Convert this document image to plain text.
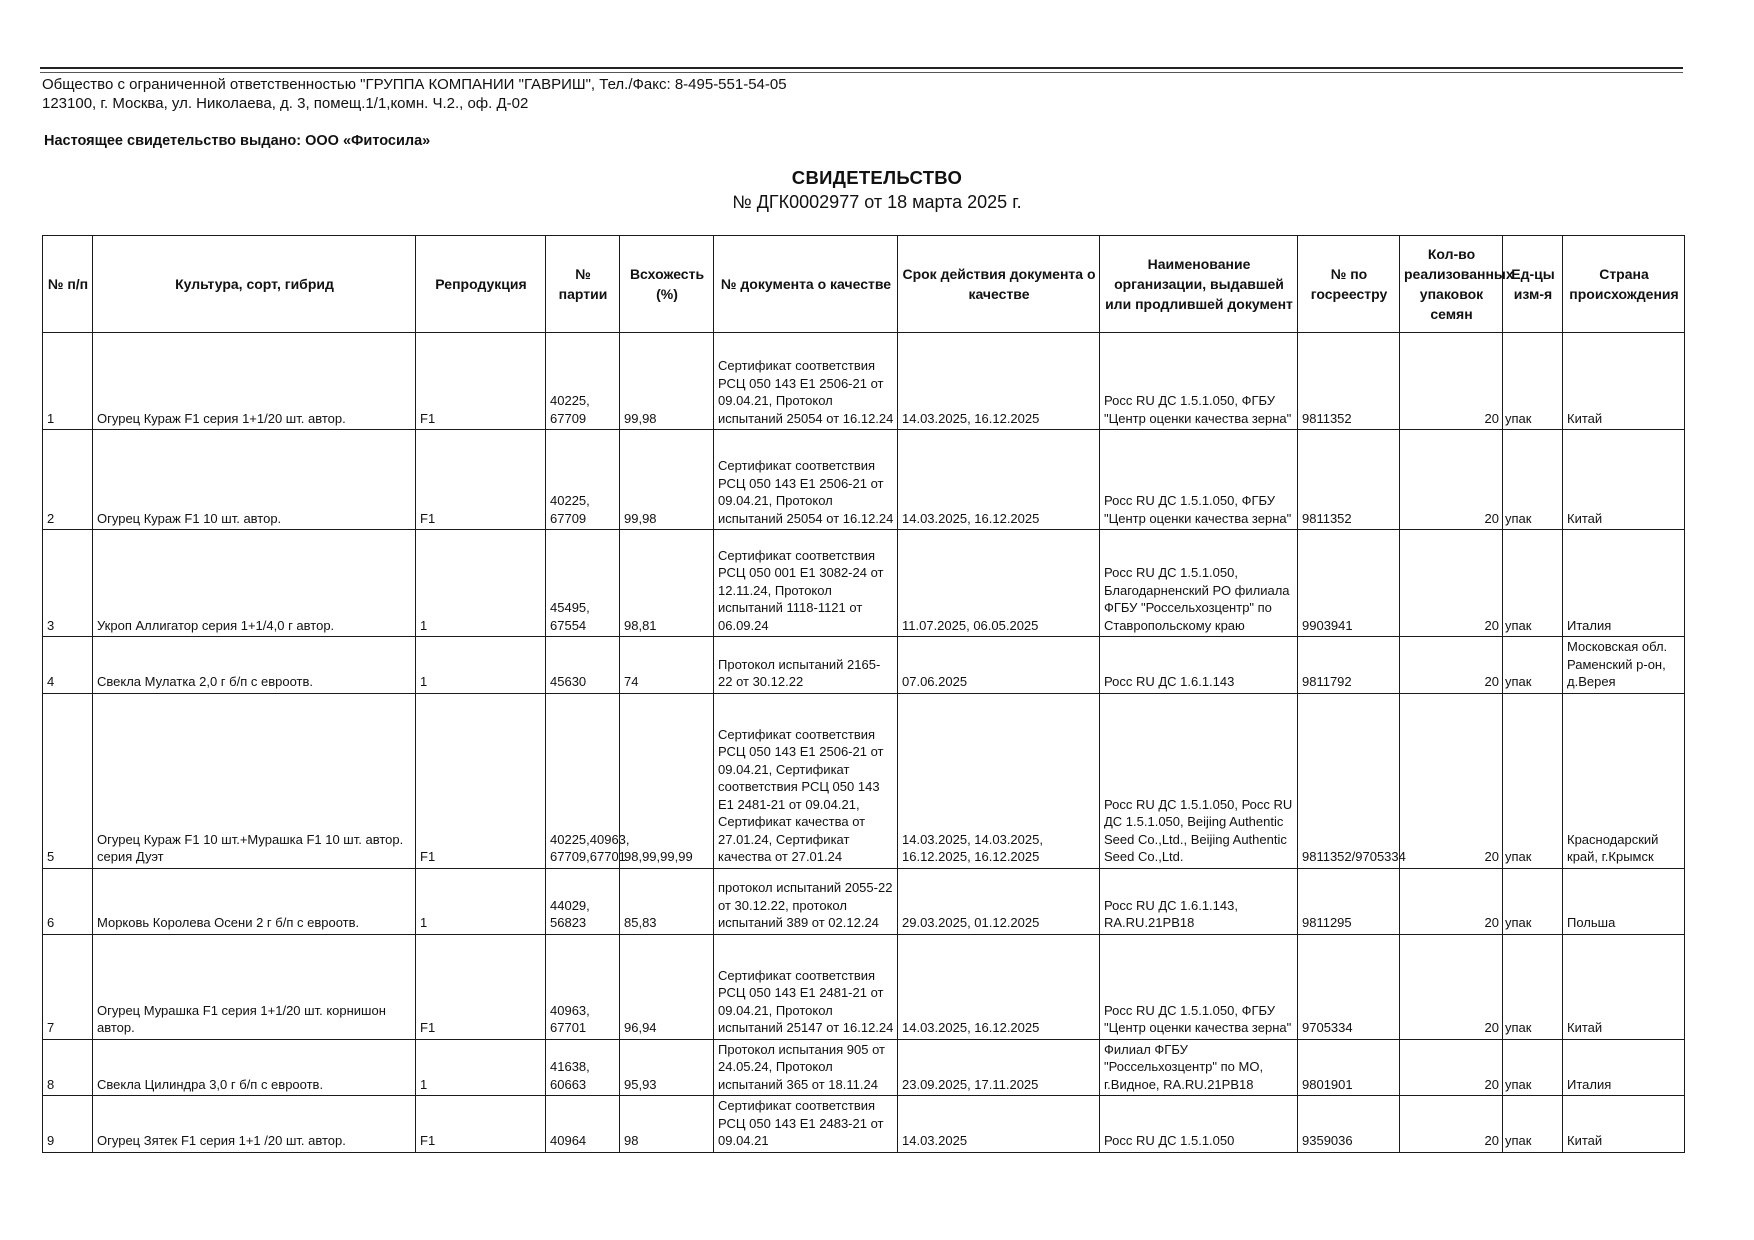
Общество с ограниченной ответственностью "ГРУППА КОМПАНИИ "ГАВРИШ", Тел./Факс: 8-495-551-54-05
123100, г. Москва, ул. Николаева, д. 3, помещ.1/1,комн. Ч.2., оф. Д-02
Настоящее свидетельство выдано: ООО «Фитосила»
СВИДЕТЕЛЬСТВО
№ ДГК0002977 от 18 марта 2025 г.
№ п/п	Культура, сорт, гибрид	Репродукция	№ партии	Всхожесть (%)	№ документа о качестве	Срок действия документа о качестве	Наименование организации, выдавшей или продлившей документ	№ по госреестру	Кол-во реализованных упаковок семян	Ед-цы изм-я	Страна происхождения
1	Огурец Кураж F1 серия 1+1/20 шт. автор.	F1	40225, 67709	99,98	Сертификат соответствия РСЦ 050 143 Е1 2506-21 от 09.04.21, Протокол испытаний 25054 от 16.12.24	14.03.2025, 16.12.2025	Росс RU ДС 1.5.1.050, ФГБУ "Центр оценки качества зерна"	9811352	20	упак	Китай
2	Огурец Кураж F1 10 шт. автор.	F1	40225, 67709	99,98	Сертификат соответствия РСЦ 050 143 Е1 2506-21 от 09.04.21, Протокол испытаний 25054 от 16.12.24	14.03.2025, 16.12.2025	Росс RU ДС 1.5.1.050, ФГБУ "Центр оценки качества зерна"	9811352	20	упак	Китай
3	Укроп Аллигатор серия 1+1/4,0 г автор.	1	45495, 67554	98,81	Сертификат соответствия РСЦ 050 001 Е1 3082-24 от 12.11.24, Протокол испытаний 1118-1121 от 06.09.24	11.07.2025, 06.05.2025	Росс RU ДС 1.5.1.050, Благодарненский РО филиала ФГБУ "Россельхозцентр" по Ставропольскому краю	9903941	20	упак	Италия
4	Свекла Мулатка 2,0 г б/п с евроотв.	1	45630	74	Протокол испытаний 2165-22 от 30.12.22	07.06.2025	Росс RU ДС 1.6.1.143	9811792	20	упак	Московская обл. Раменский р-он, д.Верея
5	Огурец Кураж F1 10 шт.+Мурашка F1 10 шт. автор. серия Дуэт	F1	40225,40963, 67709,67701	98,99,99,99	Сертификат соответствия РСЦ 050 143 Е1 2506-21 от 09.04.21, Сертификат соответствия РСЦ 050 143 Е1 2481-21 от 09.04.21, Сертификат качества от 27.01.24, Сертификат качества от 27.01.24	14.03.2025, 14.03.2025, 16.12.2025, 16.12.2025	Росс RU ДС 1.5.1.050, Росс RU ДС 1.5.1.050, Beijing Authentic Seed Co.,Ltd., Beijing Authentic Seed Co.,Ltd.	9811352/9705334	20	упак	Краснодарский край, г.Крымск
6	Морковь Королева Осени 2 г б/п с евроотв.	1	44029, 56823	85,83	протокол испытаний 2055-22 от 30.12.22, протокол испытаний 389 от 02.12.24	29.03.2025, 01.12.2025	Росс RU ДС 1.6.1.143, RA.RU.21PB18	9811295	20	упак	Польша
7	Огурец Мурашка F1 серия 1+1/20 шт. корнишон автор.	F1	40963, 67701	96,94	Сертификат соответствия РСЦ 050 143 Е1 2481-21 от 09.04.21, Протокол испытаний 25147 от 16.12.24	14.03.2025, 16.12.2025	Росс RU ДС 1.5.1.050, ФГБУ "Центр оценки качества зерна"	9705334	20	упак	Китай
8	Свекла Цилиндра 3,0 г б/п с евроотв.	1	41638, 60663	95,93	Протокол испытания 905 от 24.05.24, Протокол испытаний 365 от 18.11.24	23.09.2025, 17.11.2025	Филиал ФГБУ "Россельхозцентр" по МО, г.Видное, RA.RU.21PB18	9801901	20	упак	Италия
9	Огурец Зятек F1 серия 1+1 /20 шт. автор.	F1	40964	98	Сертификат соответствия РСЦ 050 143 Е1 2483-21 от 09.04.21	14.03.2025	Росс RU ДС 1.5.1.050	9359036	20	упак	Китай
